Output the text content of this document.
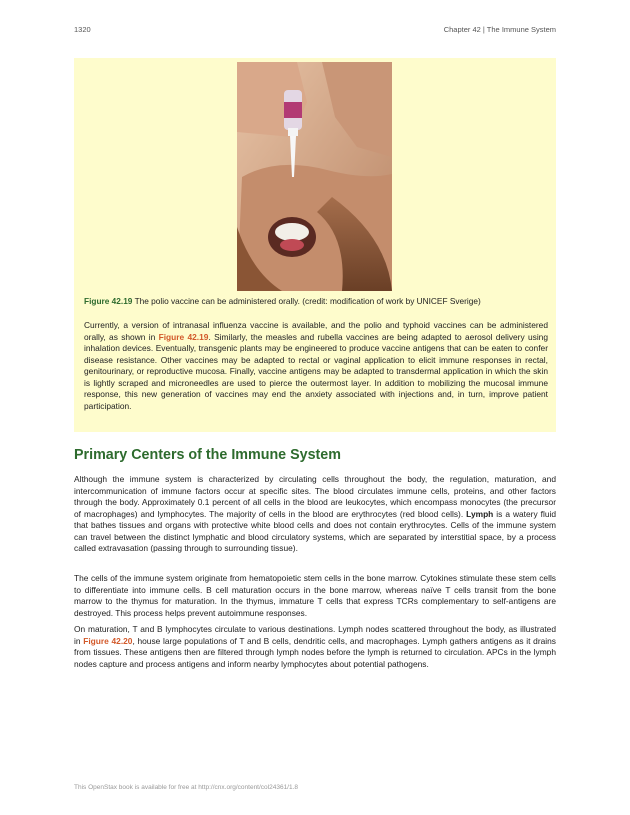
1320	Chapter 42 | The Immune System
Figure 42.19 The polio vaccine can be administered orally. (credit: modification of work by UNICEF Sverige)
Currently, a version of intranasal influenza vaccine is available, and the polio and typhoid vaccines can be administered orally, as shown in Figure 42.19. Similarly, the measles and rubella vaccines are being adapted to aerosol delivery using inhalation devices. Eventually, transgenic plants may be engineered to produce vaccine antigens that can be eaten to confer disease resistance. Other vaccines may be adapted to rectal or vaginal application to elicit immune responses in rectal, genitourinary, or reproductive mucosa. Finally, vaccine antigens may be adapted to transdermal application in which the skin is lightly scraped and microneedles are used to pierce the outermost layer. In addition to mobilizing the mucosal immune response, this new generation of vaccines may end the anxiety associated with injections and, in turn, improve patient participation.
Primary Centers of the Immune System

Although the immune system is characterized by circulating cells throughout the body, the regulation, maturation, and intercommunication of immune factors occur at specific sites. The blood circulates immune cells, proteins, and other factors through the body. Approximately 0.1 percent of all cells in the blood are leukocytes, which encompass monocytes (the precursor of macrophages) and lymphocytes. The majority of cells in the blood are erythrocytes (red blood cells). Lymph is a watery fluid that bathes tissues and organs with protective white blood cells and does not contain erythrocytes. Cells of the immune system can travel between the distinct lymphatic and blood circulatory systems, which are separated by interstitial space, by a process called extravasation (passing through to surrounding tissue).

The cells of the immune system originate from hematopoietic stem cells in the bone marrow. Cytokines stimulate these stem cells to differentiate into immune cells. B cell maturation occurs in the bone marrow, whereas naïve T cells transit from the bone marrow to the thymus for maturation. In the thymus, immature T cells that express TCRs complementary to self-antigens are destroyed. This process helps prevent autoimmune responses.

On maturation, T and B lymphocytes circulate to various destinations. Lymph nodes scattered throughout the body, as illustrated in Figure 42.20, house large populations of T and B cells, dendritic cells, and macrophages. Lymph gathers antigens as it drains from tissues. These antigens then are filtered through lymph nodes before the lymph is returned to circulation. APCs in the lymph nodes capture and process antigens and inform nearby lymphocytes about potential pathogens.

This OpenStax book is available for free at http://cnx.org/content/col24361/1.8
